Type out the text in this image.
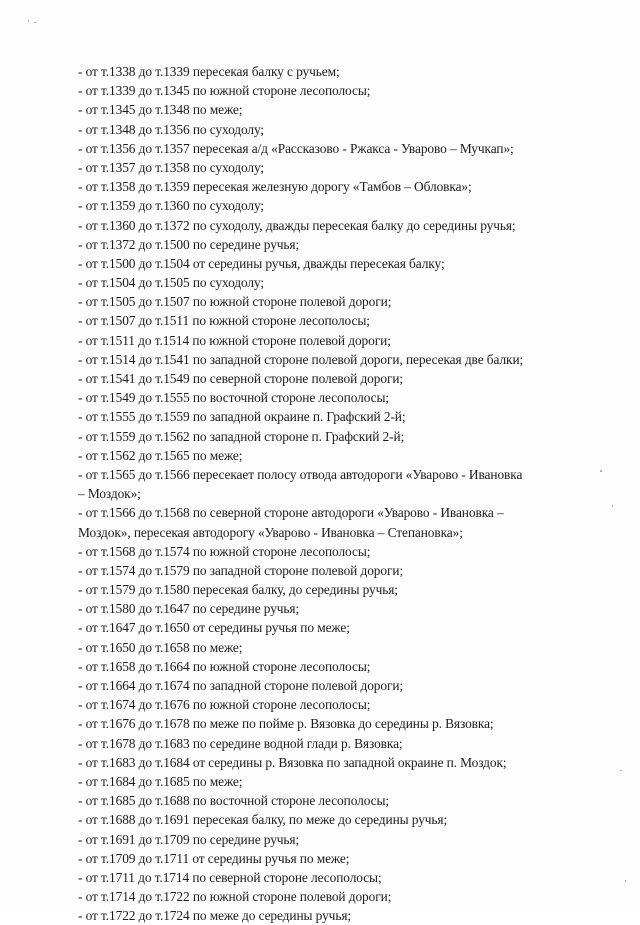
- от т.1338 до т.1339 пересекая балку с ручьем;
- от т.1339 до т.1345 по южной стороне лесополосы;
- от т.1345 до т.1348 по меже;
- от т.1348 до т.1356 по суходолу;
- от т.1356 до т.1357 пересекая а/д «Рассказово - Ржакса - Уварово – Мучкап»;
- от т.1357 до т.1358 по суходолу;
- от т.1358 до т.1359 пересекая железную дорогу «Тамбов – Обловка»;
- от т.1359 до т.1360 по суходолу;
- от т.1360 до т.1372 по суходолу, дважды пересекая балку до середины ручья;
- от т.1372 до т.1500 по середине ручья;
- от т.1500 до т.1504 от середины ручья, дважды пересекая балку;
- от т.1504 до т.1505 по суходолу;
- от т.1505 до т.1507 по южной стороне полевой дороги;
- от т.1507 до т.1511 по южной стороне лесополосы;
- от т.1511 до т.1514 по южной стороне полевой дороги;
- от т.1514 до т.1541 по западной стороне полевой дороги, пересекая две балки;
- от т.1541 до т.1549 по северной стороне полевой дороги;
- от т.1549 до т.1555 по восточной стороне лесополосы;
- от т.1555 до т.1559 по западной окраине п. Графский 2-й;
- от т.1559 до т.1562 по западной стороне п. Графский 2-й;
- от т.1562 до т.1565 по меже;
- от т.1565 до т.1566 пересекает полосу отвода автодороги «Уварово - Ивановка
– Моздок»;
- от т.1566 до т.1568 по северной стороне автодороги «Уварово - Ивановка –
Моздок», пересекая автодорогу «Уварово - Ивановка – Степановка»;
- от т.1568 до т.1574 по южной стороне лесополосы;
- от т.1574 до т.1579 по западной стороне полевой дороги;
- от т.1579 до т.1580 пересекая балку, до середины ручья;
- от т.1580 до т.1647 по середине ручья;
- от т.1647 до т.1650 от середины ручья по меже;
- от т.1650 до т.1658 по меже;
- от т.1658 до т.1664 по южной стороне лесополосы;
- от т.1664 до т.1674 по западной стороне полевой дороги;
- от т.1674 до т.1676 по южной стороне лесополосы;
- от т.1676 до т.1678 по меже по пойме р. Вязовка до середины р. Вязовка;
- от т.1678 до т.1683 по середине водной глади р. Вязовка;
- от т.1683 до т.1684 от середины р. Вязовка по западной окраине п. Моздок;
- от т.1684 до т.1685 по меже;
- от т.1685 до т.1688 по восточной стороне лесополосы;
- от т.1688 до т.1691 пересекая балку, по меже до середины ручья;
- от т.1691 до т.1709 по середине ручья;
- от т.1709 до т.1711 от середины ручья по меже;
- от т.1711 до т.1714 по северной стороне лесополосы;
- от т.1714 до т.1722 по южной стороне полевой дороги;
- от т.1722 до т.1724 по меже до середины ручья;
